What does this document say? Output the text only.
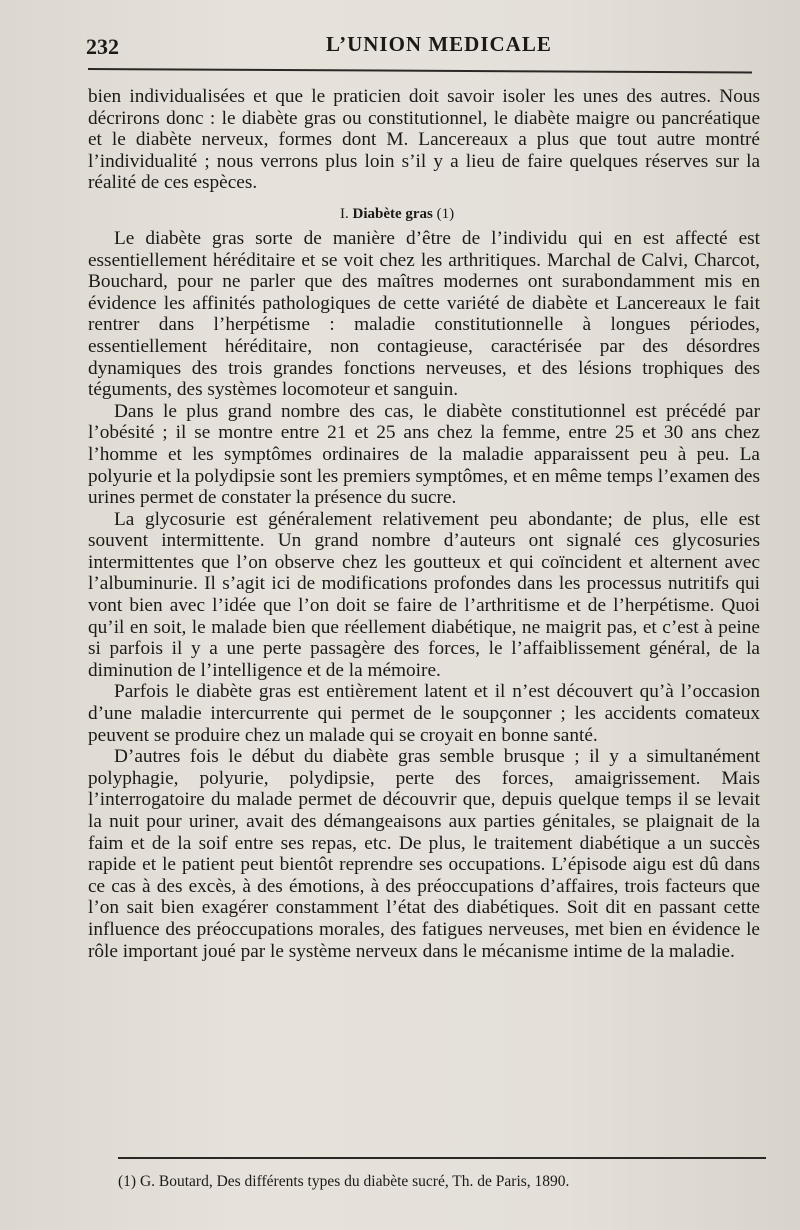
232	L’UNION MEDICALE

bien individualisées et que le praticien doit savoir isoler les unes des autres. Nous décrirons donc : le diabète gras ou constitutionnel, le diabète maigre ou pancréatique et le diabète nerveux, formes dont M. Lancereaux a plus que tout autre montré l’individualité ; nous verrons plus loin s’il y a lieu de faire quelques réserves sur la réalité de ces espèces.

I. Diabète gras (1)

Le diabète gras sorte de manière d’être de l’individu qui en est affecté est essentiellement héréditaire et se voit chez les arthritiques. Marchal de Calvi, Charcot, Bouchard, pour ne parler que des maîtres modernes ont surabondamment mis en évidence les affinités pathologiques de cette variété de diabète et Lancereaux le fait rentrer dans l’herpétisme : maladie constitutionnelle à longues périodes, essentiellement héréditaire, non contagieuse, caractérisée par des désordres dynamiques des trois grandes fonctions nerveuses, et des lésions trophiques des téguments, des systèmes locomoteur et sanguin.

Dans le plus grand nombre des cas, le diabète constitutionnel est précédé par l’obésité ; il se montre entre 21 et 25 ans chez la femme, entre 25 et 30 ans chez l’homme et les symptômes ordinaires de la maladie apparaissent peu à peu. La polyurie et la polydipsie sont les premiers symptômes, et en même temps l’examen des urines permet de constater la présence du sucre.

La glycosurie est généralement relativement peu abondante; de plus, elle est souvent intermittente. Un grand nombre d’auteurs ont signalé ces glycosuries intermittentes que l’on observe chez les goutteux et qui coïncident et alternent avec l’albuminurie. Il s’agit ici de modifications profondes dans les processus nutritifs qui vont bien avec l’idée que l’on doit se faire de l’arthritisme et de l’herpétisme. Quoi qu’il en soit, le malade bien que réellement diabétique, ne maigrit pas, et c’est à peine si parfois il y a une perte passagère des forces, le l’affaiblissement général, de la diminution de l’intelligence et de la mémoire.

Parfois le diabète gras est entièrement latent et il n’est découvert qu’à l’occasion d’une maladie intercurrente qui permet de le soupçonner ; les accidents comateux peuvent se produire chez un malade qui se croyait en bonne santé.

D’autres fois le début du diabète gras semble brusque ; il y a simultanément polyphagie, polyurie, polydipsie, perte des forces, amaigrissement. Mais l’interrogatoire du malade permet de découvrir que, depuis quelque temps il se levait la nuit pour uriner, avait des démangeaisons aux parties génitales, se plaignait de la faim et de la soif entre ses repas, etc. De plus, le traitement diabétique a un succès rapide et le patient peut bientôt reprendre ses occupations. L’épisode aigu est dû dans ce cas à des excès, à des émotions, à des préoccupations d’affaires, trois facteurs que l’on sait bien exagérer constamment l’état des diabétiques. Soit dit en passant cette influence des préoccupations morales, des fatigues nerveuses, met bien en évidence le rôle important joué par le système nerveux dans le mécanisme intime de la maladie.

(1) G. Boutard, Des différents types du diabète sucré, Th. de Paris, 1890.
